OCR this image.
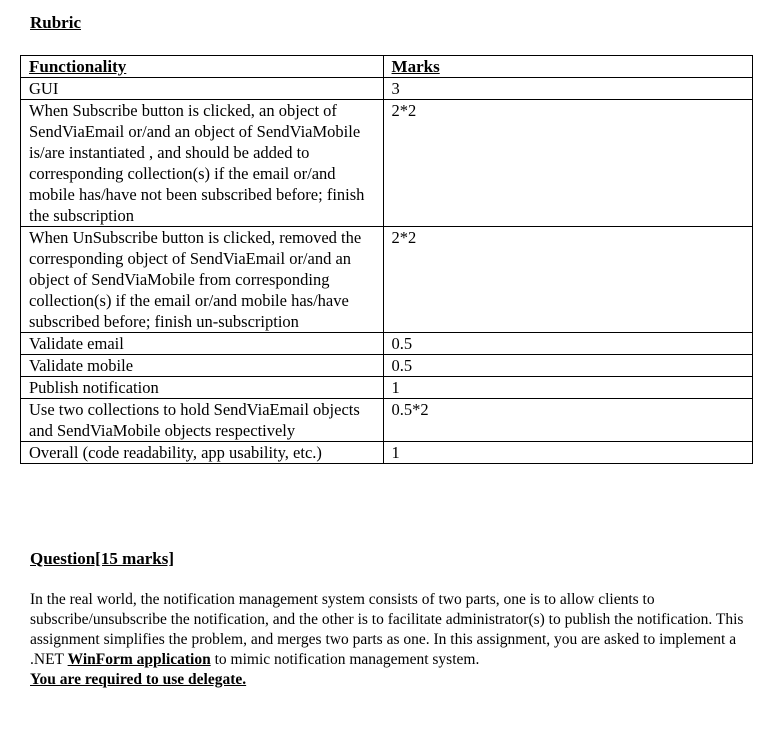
Rubric
Functionality	Marks
GUI	3
When Subscribe button is clicked, an object of SendViaEmail or/and an object of SendViaMobile is/are instantiated , and should be added to corresponding collection(s) if the email or/and mobile has/have not been subscribed before; finish the subscription	2*2
When UnSubscribe button is clicked, removed the corresponding object of SendViaEmail or/and an object of SendViaMobile from corresponding collection(s) if the email or/and mobile has/have subscribed before; finish un-subscription	2*2
Validate email	0.5
Validate mobile	0.5
Publish notification	1
Use two collections to hold SendViaEmail objects and SendViaMobile objects respectively	0.5*2
Overall (code readability, app usability, etc.)	1
Question[15 marks]
In the real world, the notification management system consists of two parts, one is to allow clients to subscribe/unsubscribe the notification, and the other is to facilitate administrator(s) to publish the notification. This assignment simplifies the problem, and merges two parts as one. In this assignment, you are asked to implement a .NET WinForm application to mimic notification management system.
You are required to use delegate.
